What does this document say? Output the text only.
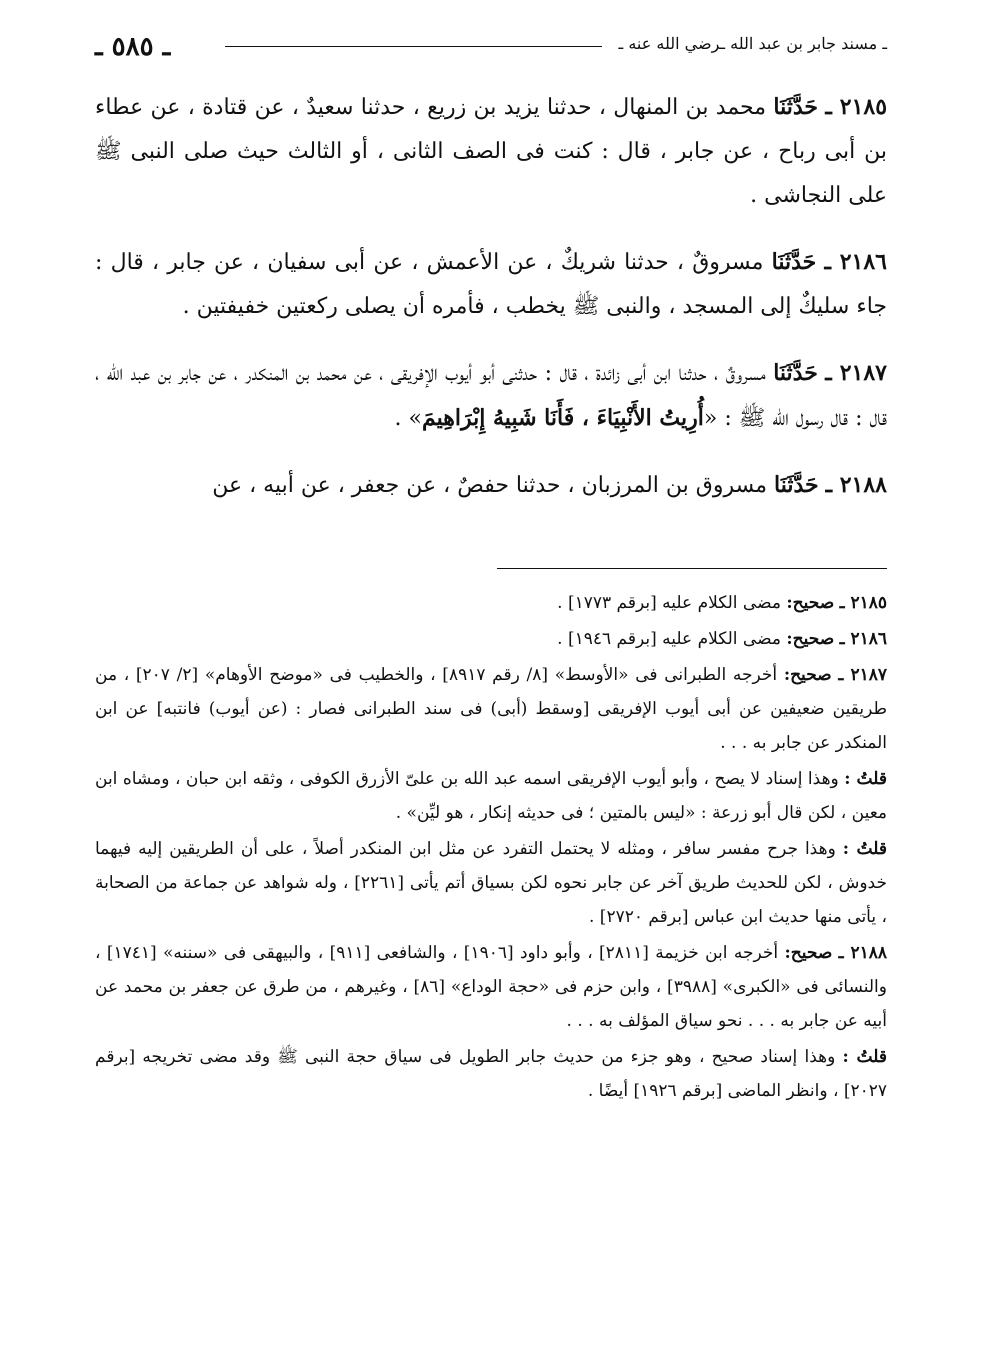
ـ ٥٨٥ ـ	ـ مسند جابر بن عبد الله ـرضي الله عنه ـ

٢١٨٥ ـ حَدَّثَنَا محمد بن المنهال ، حدثنا يزيد بن زريع ، حدثنا سعيدٌ ، عن قتادة ، عن عطاء بن أبى رباح ، عن جابر ، قال : كنت فى الصف الثانى ، أو الثالث حيث صلى النبى ﷺ على النجاشى .

٢١٨٦ ـ حَدَّثَنَا مسروقٌ ، حدثنا شريكٌ ، عن الأعمش ، عن أبى سفيان ، عن جابر ، قال : جاء سليكٌ إلى المسجد ، والنبى ﷺ يخطب ، فأمره أن يصلى ركعتين خفيفتين .

٢١٨٧ ـ حَدَّثَنَا مسروقٌ ، حدثنا ابن أبى زائدة ، قال : حدثنى أبو أيوب الإفريقى ، عن محمد بن المنكدر ، عن جابر بن عبد الله ، قال : قال رسول الله ﷺ : «أُرِيتُ الأَنْبِيَاءَ ، فَأَنَا شَبِيهُ إِبْرَاهِيمَ» .

٢١٨٨ ـ حَدَّثَنَا مسروق بن المرزبان ، حدثنا حفصٌ ، عن جعفر ، عن أبيه ، عن

٢١٨٥ ـ صحيح: مضى الكلام عليه [برقم ١٧٧٣] .
٢١٨٦ ـ صحيح: مضى الكلام عليه [برقم ١٩٤٦] .
٢١٨٧ ـ صحيح: أخرجه الطبرانى فى «الأوسط» [٨/ رقم ٨٩١٧] ، والخطيب فى «موضح الأوهام» [٢/ ٢٠٧] ، من طريقين ضعيفين عن أبى أيوب الإفريقى [وسقط (أبى) فى سند الطبرانى فصار : (عن أيوب) فانتبه] عن ابن المنكدر عن جابر به . . .
قلتُ : وهذا إسناد لا يصح ، وأبو أيوب الإفريقى اسمه عبد الله بن علىّ الأزرق الكوفى ، وثقه ابن حبان ، ومشاه ابن معين ، لكن قال أبو زرعة : «ليس بالمتين ؛ فى حديثه إنكار ، هو ليِّن» .
قلتُ : وهذا جرح مفسر سافر ، ومثله لا يحتمل التفرد عن مثل ابن المنكدر أصلاً ، على أن الطريقين إليه فيهما خدوش ، لكن للحديث طريق آخر عن جابر نحوه لكن بسياق أتم يأتى [٢٢٦١] ، وله شواهد عن جماعة من الصحابة ، يأتى منها حديث ابن عباس [برقم ٢٧٢٠] .
٢١٨٨ ـ صحيح: أخرجه ابن خزيمة [٢٨١١] ، وأبو داود [١٩٠٦] ، والشافعى [٩١١] ، والبيهقى فى «سننه» [١٧٤١] ، والنسائى فى «الكبرى» [٣٩٨٨] ، وابن حزم فى «حجة الوداع» [٨٦] ، وغيرهم ، من طرق عن جعفر بن محمد عن أبيه عن جابر به . . . نحو سياق المؤلف به . . .
قلتُ : وهذا إسناد صحيح ، وهو جزء من حديث جابر الطويل فى سياق حجة النبى ﷺ وقد مضى تخريجه [برقم ٢٠٢٧] ، وانظر الماضى [برقم ١٩٢٦] أيضًا .
